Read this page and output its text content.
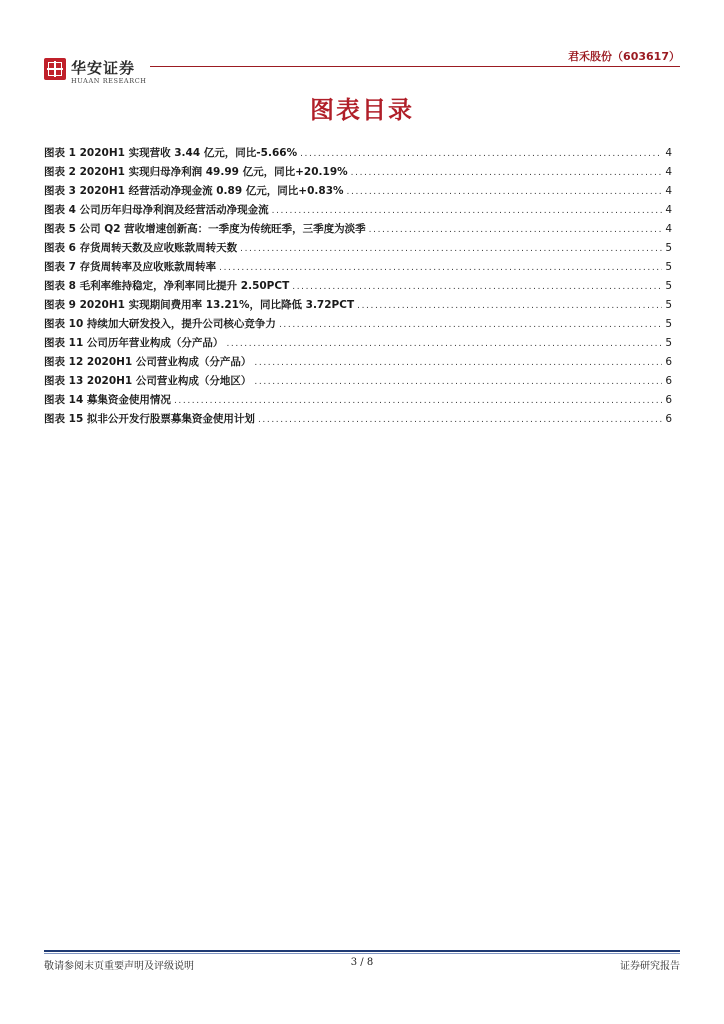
华安证券
HUAAN RESEARCH
君禾股份（603617）
图表目录
图表 1 2020H1 实现营收 3.44 亿元，同比-5.66% .....	4
图表 2 2020H1 实现归母净利润 49.99 亿元，同比+20.19% .....	4
图表 3 2020H1 经营活动净现金流 0.89 亿元，同比+0.83% .....	4
图表 4 公司历年归母净利润及经营活动净现金流 .....	4
图表 5 公司 Q2 营收增速创新高：一季度为传统旺季，三季度为淡季 .....	4
图表 6 存货周转天数及应收账款周转天数 .....	5
图表 7 存货周转率及应收账款周转率 .....	5
图表 8 毛利率维持稳定，净利率同比提升 2.50PCT .....	5
图表 9 2020H1 实现期间费用率 13.21%，同比降低 3.72PCT .....	5
图表 10 持续加大研发投入，提升公司核心竞争力 .....	5
图表 11 公司历年营业构成（分产品） .....	5
图表 12 2020H1 公司营业构成（分产品） .....	6
图表 13 2020H1 公司营业构成（分地区） .....	6
图表 14 募集资金使用情况 .....	6
图表 15 拟非公开发行股票募集资金使用计划 .....	6
敬请参阅末页重要声明及评级说明	3 / 8	证券研究报告
